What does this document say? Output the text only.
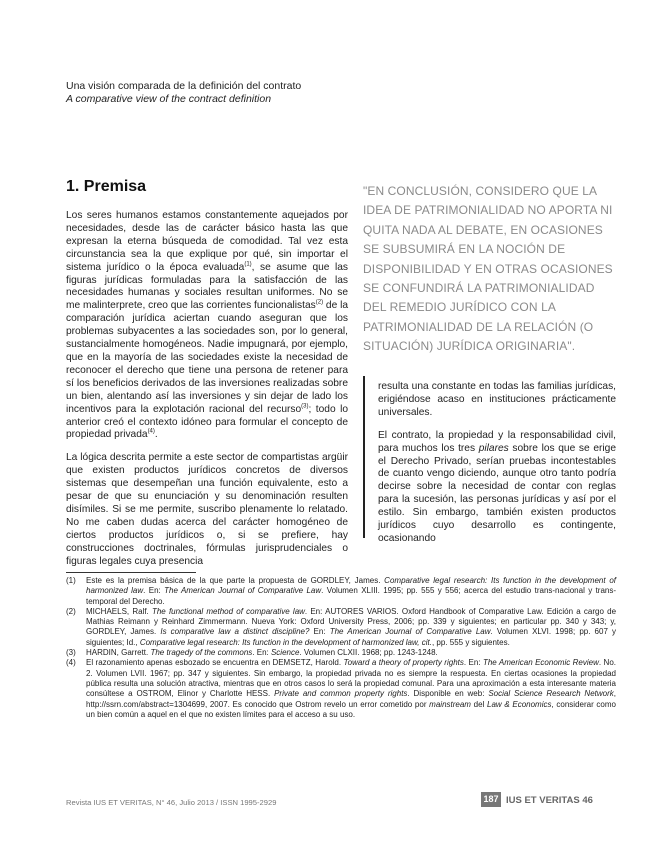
Una visión comparada de la definición del contrato
A comparative view of the contract definition
1. Premisa

Los seres humanos estamos constantemente aquejados por necesidades, desde las de carácter básico hasta las que expresan la eterna búsqueda de comodidad. Tal vez esta circunstancia sea la que explique por qué, sin importar el sistema jurídico o la época evaluada$^{(1)}$, se asume que las figuras jurídicas formuladas para la satisfacción de las necesidades humanas y sociales resultan uniformes. No se me malinterprete, creo que las corrientes funcionalistas$^{(2)}$ de la comparación jurídica aciertan cuando aseguran que los problemas subyacentes a las sociedades son, por lo general, sustancialmente homogéneos. Nadie impugnará, por ejemplo, que en la mayoría de las sociedades existe la necesidad de reconocer el derecho que tiene una persona de retener para sí los beneficios derivados de las inversiones realizadas sobre un bien, alentando así las inversiones y sin dejar de lado los incentivos para la explotación racional del recurso$^{(3)}$; todo lo anterior creó el contexto idóneo para formular el concepto de propiedad privada$^{(4)}$.

La lógica descrita permite a este sector de compartistas argüir que existen productos jurídicos concretos de diversos sistemas que desempeñan una función equivalente, esto a pesar de que su enunciación y su denominación resulten disímiles. Si se me permite, suscribo plenamente lo relatado. No me caben dudas acerca del carácter homogéneo de ciertos productos jurídicos o, si se prefiere, hay construcciones doctrinales, fórmulas jurisprudenciales o figuras legales cuya presencia

"EN CONCLUSIÓN, CONSIDERO QUE LA IDEA DE PATRIMONIALIDAD NO APORTA NI QUITA NADA AL DEBATE, EN OCASIONES SE SUBSUMIRÁ EN LA NOCIÓN DE DISPONIBILIDAD Y EN OTRAS OCASIONES SE CONFUNDIRÁ LA PATRIMONIALIDAD DEL REMEDIO JURÍDICO CON LA PATRIMONIALIDAD DE LA RELACIÓN (O SITUACIÓN) JURÍDICA ORIGINARIA".

resulta una constante en todas las familias jurídicas, erigiéndose acaso en instituciones prácticamente universales.

El contrato, la propiedad y la responsabilidad civil, para muchos los tres pilares sobre los que se erige el Derecho Privado, serían pruebas incontestables de cuanto vengo diciendo, aunque otro tanto podría decirse sobre la necesidad de contar con reglas para la sucesión, las personas jurídicas y así por el estilo. Sin embargo, también existen productos jurídicos cuyo desarrollo es contingente, ocasionando

(1)	Este es la premisa básica de la que parte la propuesta de GORDLEY, James. Comparative legal research: Its function in the development of harmonized law. En: The American Journal of Comparative Law. Volumen XLIII. 1995; pp. 555 y 556; acerca del estudio trans-nacional y trans-temporal del Derecho.
(2)	MICHAELS, Ralf. The functional method of comparative law. En: AUTORES VARIOS. Oxford Handbook of Comparative Law. Edición a cargo de Mathias Reimann y Reinhard Zimmermann. Nueva York: Oxford University Press, 2006; pp. 339 y siguientes; en particular pp. 340 y 343; y, GORDLEY, James. Is comparative law a distinct discipline? En: The American Journal of Comparative Law. Volumen XLVI. 1998; pp. 607 y siguientes; Id., Comparative legal research: Its function in the development of harmonized law, cit., pp. 555 y siguientes.
(3)	HARDIN, Garrett. The tragedy of the commons. En: Science. Volumen CLXII. 1968; pp. 1243-1248.
(4)	El razonamiento apenas esbozado se encuentra en DEMSETZ, Harold. Toward a theory of property rights. En: The American Economic Review. No. 2. Volumen LVII. 1967; pp. 347 y siguientes. Sin embargo, la propiedad privada no es siempre la respuesta. En ciertas ocasiones la propiedad pública resulta una solución atractiva, mientras que en otros casos lo será la propiedad comunal. Para una aproximación a esta interesante materia consúltese a OSTROM, Elinor y Charlotte HESS. Private and common property rights. Disponible en web: Social Science Research Network, http://ssrn.com/abstract=1304699, 2007. Es conocido que Ostrom revelo un error cometido por mainstream del Law & Economics, considerar como un bien común a aquel en el que no existen límites para el acceso a su uso.
Revista IUS ET VERITAS, N° 46, Julio 2013 / ISSN 1995-2929	187 IUS ET VERITAS 46
